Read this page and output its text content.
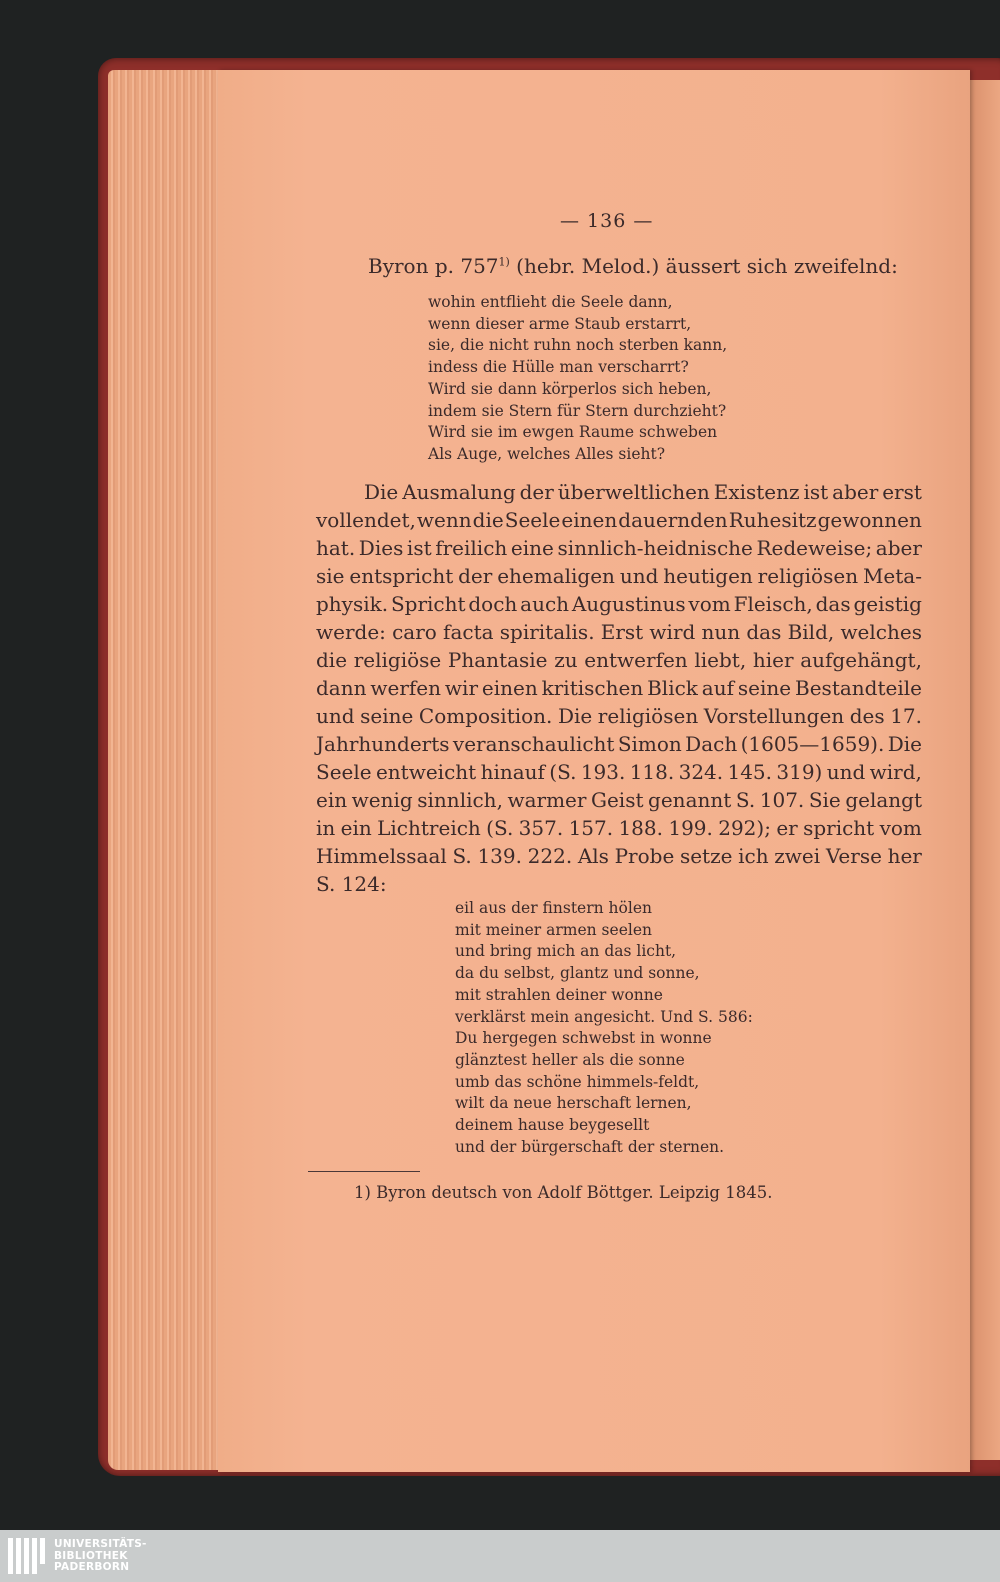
— 136 —
Byron p. 757$^{1)}$ (hebr. Melod.) äussert sich zweifelnd:
wohin entflieht die Seele dann,
wenn dieser arme Staub erstarrt,
sie, die nicht ruhn noch sterben kann,
indess die Hülle man verscharrt?
Wird sie dann körperlos sich heben,
indem sie Stern für Stern durchzieht?
Wird sie im ewgen Raume schweben
Als Auge, welches Alles sieht?
Die Ausmalung der überweltlichen Existenz ist aber erst
vollendet, wenn die Seele einen dauernden Ruhesitz gewonnen
hat. Dies ist freilich eine sinnlich-heidnische Redeweise; aber
sie entspricht der ehemaligen und heutigen religiösen Meta-
physik. Spricht doch auch Augustinus vom Fleisch, das geistig
werde: caro facta spiritalis. Erst wird nun das Bild, welches
die religiöse Phantasie zu entwerfen liebt, hier aufgehängt,
dann werfen wir einen kritischen Blick auf seine Bestandteile
und seine Composition. Die religiösen Vorstellungen des 17.
Jahrhunderts veranschaulicht Simon Dach (1605—1659). Die
Seele entweicht hinauf (S. 193. 118. 324. 145. 319) und wird,
ein wenig sinnlich, warmer Geist genannt S. 107. Sie gelangt
in ein Lichtreich (S. 357. 157. 188. 199. 292); er spricht vom
Himmelssaal S. 139. 222. Als Probe setze ich zwei Verse her
S. 124:
eil aus der finstern hölen
mit meiner armen seelen
und bring mich an das licht,
da du selbst, glantz und sonne,
mit strahlen deiner wonne
verklärst mein angesicht. Und S. 586:
Du hergegen schwebst in wonne
glänztest heller als die sonne
umb das schöne himmels-feldt,
wilt da neue herschaft lernen,
deinem hause beygesellt
und der bürgerschaft der sternen.
1) Byron deutsch von Adolf Böttger. Leipzig 1845.
UNIVERSITÄTS-
BIBLIOTHEK
PADERBORN
